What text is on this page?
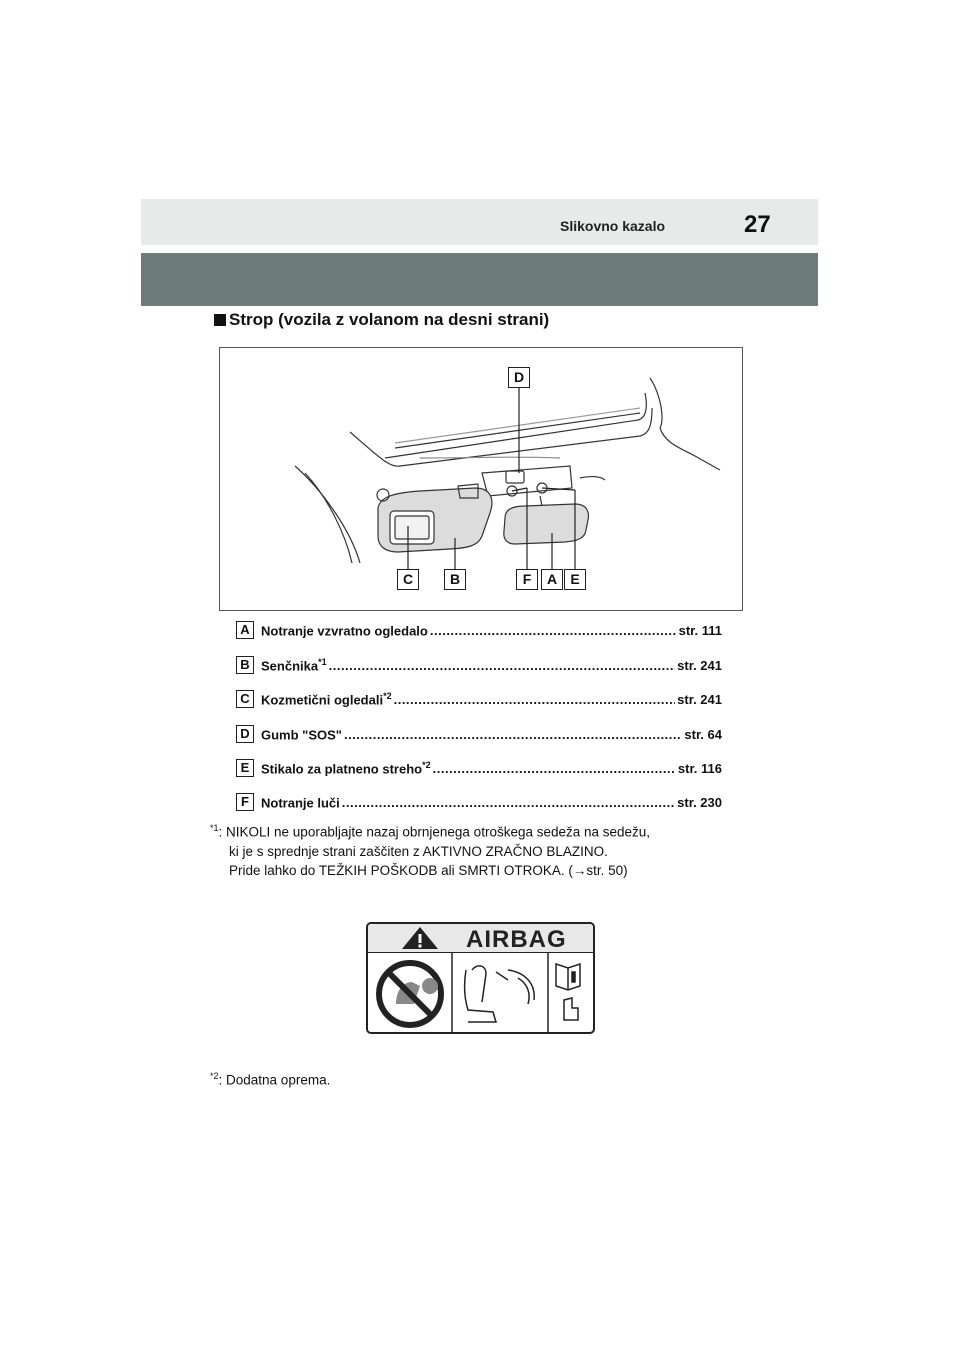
Slikovno kazalo	27
Strop (vozila z volanom na desni strani)
D
C	B	F	A E
A Notranje vzvratno ogledalo .....	str. 111
B Senčnika$^{*1}$ .....	str. 241
C Kozmetični ogledali$^{*2}$ .....	str. 241
D Gumb "SOS" .....	str. 64
E Stikalo za platneno streho$^{*2}$ .....	str. 116
F Notranje luči .....	str. 230
$^{*1}$: NIKOLI ne uporabljajte nazaj obrnjenega otroškega sedeža na sedežu,
ki je s sprednje strani zaščiten z AKTIVNO ZRAČNO BLAZINO.
Pride lahko do TEŽKIH POŠKODB ali SMRTI OTROKA. (→str. 50)
AIRBAG
$^{*2}$: Dodatna oprema.
